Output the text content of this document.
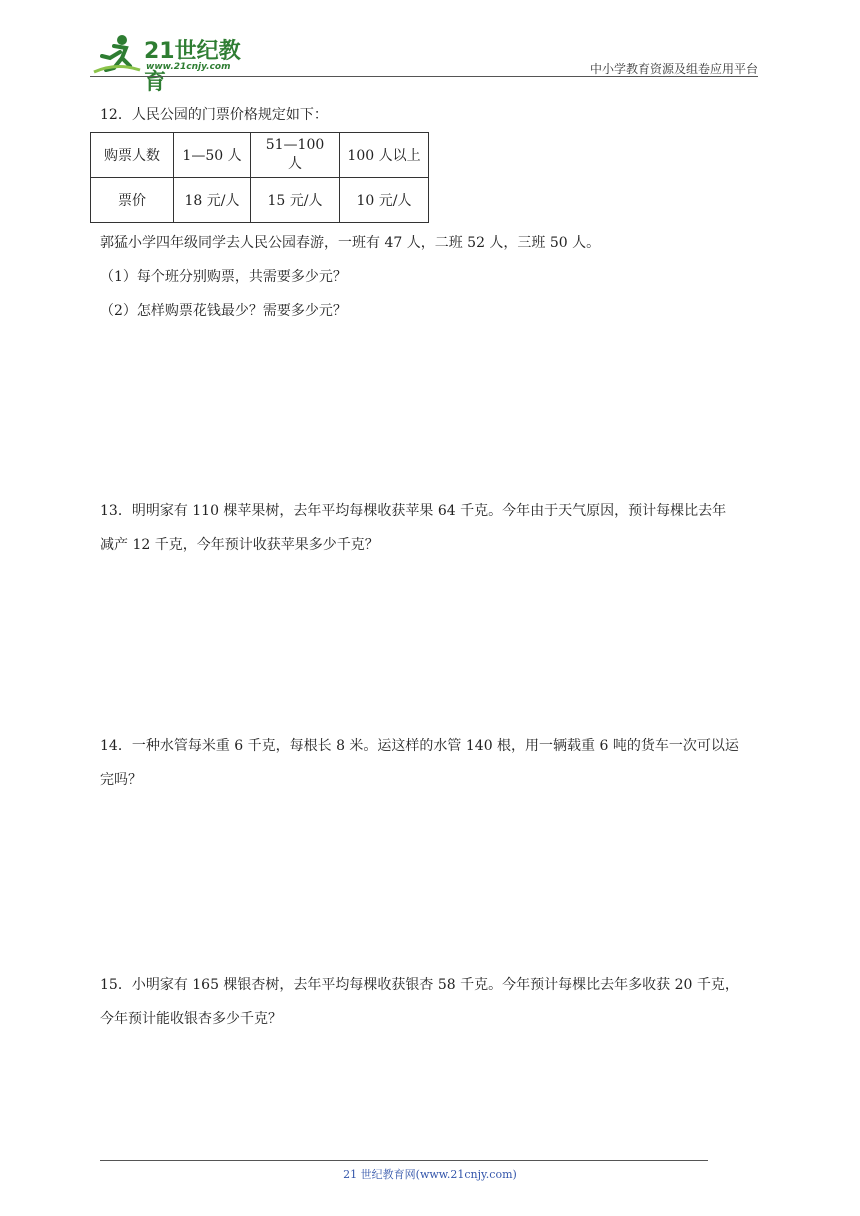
21世纪教育
www.21cnjy.com	中小学教育资源及组卷应用平台

12．人民公园的门票价格规定如下：

购票人数	1—50 人	51—100 人	100 人以上
票价	18 元/人	15 元/人	10 元/人

郭猛小学四年级同学去人民公园春游，一班有 47 人，二班 52 人，三班 50 人。

（1）每个班分别购票，共需要多少元？

（2）怎样购票花钱最少？需要多少元？

13．明明家有 110 棵苹果树，去年平均每棵收获苹果 64 千克。今年由于天气原因，预计每棵比去年

减产 12 千克，今年预计收获苹果多少千克？

14．一种水管每米重 6 千克，每根长 8 米。运这样的水管 140 根，用一辆载重 6 吨的货车一次可以运

完吗？

15．小明家有 165 棵银杏树，去年平均每棵收获银杏 58 千克。今年预计每棵比去年多收获 20 千克，

今年预计能收银杏多少千克？

21 世纪教育网(www.21cnjy.com)
